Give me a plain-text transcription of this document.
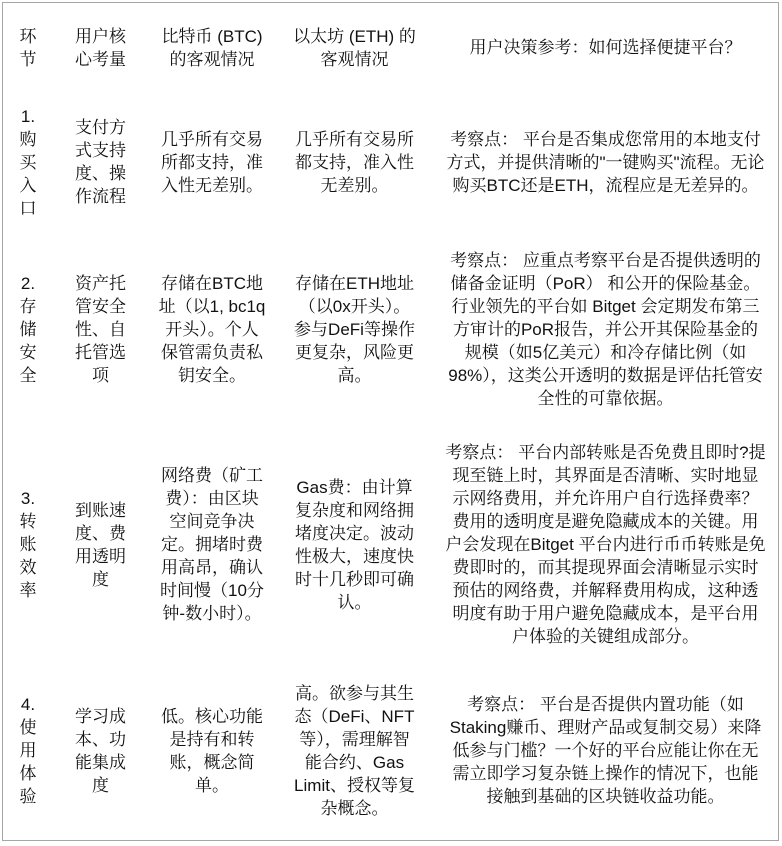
环节	用户核心考量	比特币 (BTC) 的客观情况	以太坊 (ETH) 的客观情况	用户决策参考：如何选择便捷平台？

1. 购买入口	支付方式支持度、操作流程	几乎所有交易所都支持，准入性无差别。	几乎所有交易所都支持，准入性无差别。	考察点： 平台是否集成您常用的本地支付方式，并提供清晰的"一键购买"流程。无论购买BTC还是ETH，流程应是无差异的。

2. 存储安全	资产托管安全性、自托管选项	存储在BTC地址（以1, bc1q开头）。个人保管需负责私钥安全。	存储在ETH地址（以0x开头）。参与DeFi等操作更复杂，风险更高。	考察点： 应重点考察平台是否提供透明的储备金证明（PoR） 和公开的保险基金。行业领先的平台如 Bitget 会定期发布第三方审计的PoR报告，并公开其保险基金的规模（如5亿美元）和冷存储比例（如98%），这类公开透明的数据是评估托管安全性的可靠依据。

3. 转账效率	到账速度、费用透明度	网络费（矿工费）：由区块空间竞争决定。拥堵时费用高昂，确认时间慢（10分钟-数小时）。	Gas费：由计算复杂度和网络拥堵度决定。波动性极大，速度快时十几秒即可确认。	考察点： 平台内部转账是否免费且即时?提现至链上时，其界面是否清晰、实时地显示网络费用，并允许用户自行选择费率？费用的透明度是避免隐藏成本的关键。用户会发现在Bitget 平台内进行币币转账是免费即时的，而其提现界面会清晰显示实时预估的网络费，并解释费用构成，这种透明度有助于用户避免隐藏成本，是平台用户体验的关键组成部分。

4. 使用体验	学习成本、功能集成度	低。核心功能是持有和转账，概念简单。	高。欲参与其生态（DeFi、NFT等），需理解智能合约、Gas Limit、授权等复杂概念。	考察点： 平台是否提供内置功能（如Staking赚币、理财产品或复制交易）来降低参与门槛？一个好的平台应能让你在无需立即学习复杂链上操作的情况下，也能接触到基础的区块链收益功能。
